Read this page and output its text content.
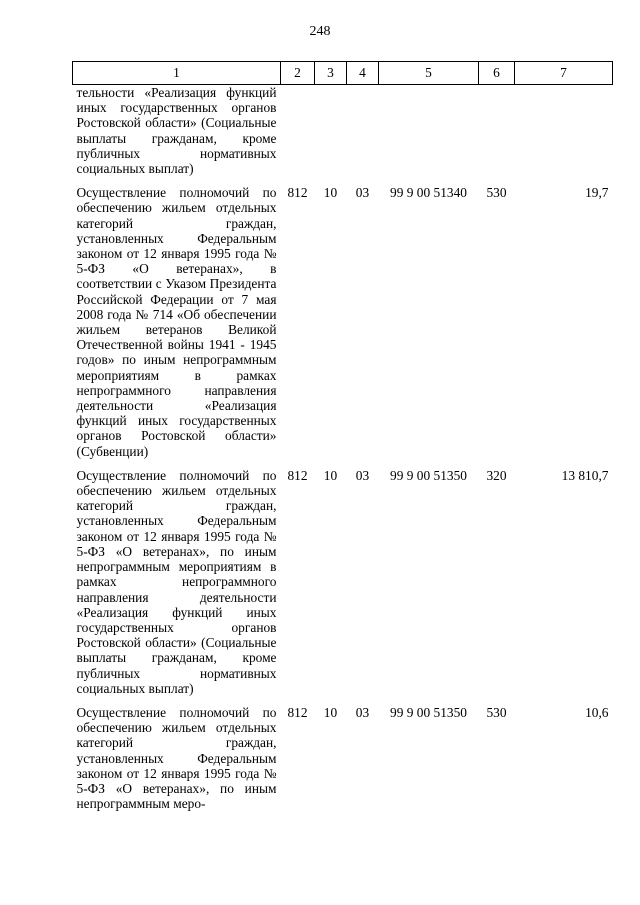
248
1	2	3	4	5	6	7
тельности «Реализация функций иных государственных органов Ростовской области» (Социальные выплаты гражданам, кроме публичных нормативных социальных выплат)						
Осуществление полномочий по обеспечению жильем отдельных категорий граждан, установленных Федеральным законом от 12 января 1995 года № 5-ФЗ «О ветеранах», в соответствии с Указом Президента Российской Федерации от 7 мая 2008 года № 714 «Об обеспечении жильем ветеранов Великой Отечественной войны 1941 - 1945 годов» по иным непрограммным мероприятиям в рамках непрограммного направления деятельности «Реализация функций иных государственных органов Ростовской области» (Субвенции)	812	10	03	99 9 00 51340	530	19,7
Осуществление полномочий по обеспечению жильем отдельных категорий граждан, установленных Федеральным законом от 12 января 1995 года № 5-ФЗ «О ветеранах», по иным непрограммным мероприятиям в рамках непрограммного направления деятельности «Реализация функций иных государственных органов Ростовской области» (Социальные выплаты гражданам, кроме публичных нормативных социальных выплат)	812	10	03	99 9 00 51350	320	13 810,7
Осуществление полномочий по обеспечению жильем отдельных категорий граждан, установленных Федеральным законом от 12 января 1995 года № 5-ФЗ «О ветеранах», по иным непрограммным меро-	812	10	03	99 9 00 51350	530	10,6
